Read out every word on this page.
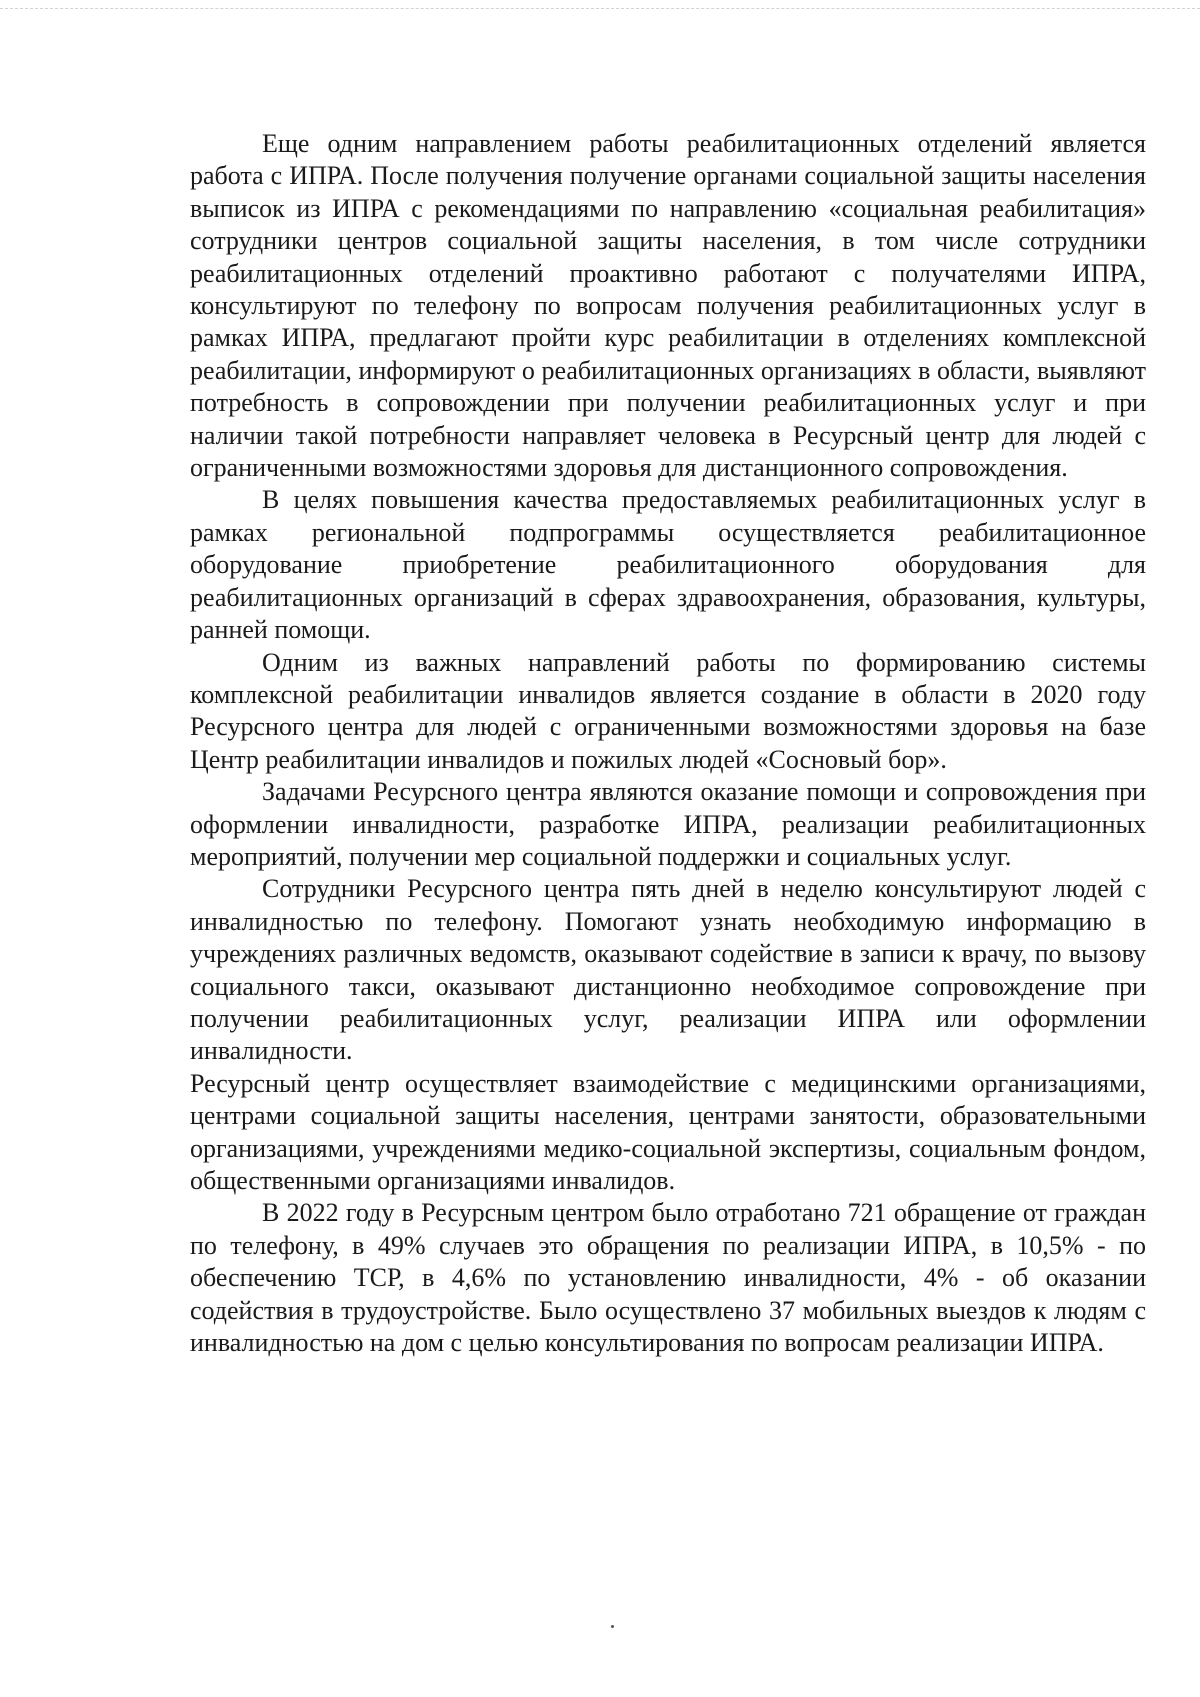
Еще одним направлением работы реабилитационных отделений является работа с ИПРА. После получения получение органами социальной защиты населения выписок из ИПРА с рекомендациями по направлению «социальная реабилитация» сотрудники центров социальной защиты населения, в том числе сотрудники реабилитационных отделений проактивно работают с получателями ИПРА, консультируют по телефону по вопросам получения реабилитационных услуг в рамках ИПРА, предлагают пройти курс реабилитации в отделениях комплексной реабилитации, информируют о реабилитационных организациях в области, выявляют потребность в сопровождении при получении реабилитационных услуг и при наличии такой потребности направляет человека в Ресурсный центр для людей с ограниченными возможностями здоровья для дистанционного сопровождения.

В целях повышения качества предоставляемых реабилитационных услуг в рамках региональной подпрограммы осуществляется реабилитационное оборудование приобретение реабилитационного оборудования для реабилитационных организаций в сферах здравоохранения, образования, культуры, ранней помощи.

Одним из важных направлений работы по формированию системы комплексной реабилитации инвалидов является создание в области в 2020 году Ресурсного центра для людей с ограниченными возможностями здоровья на базе Центр реабилитации инвалидов и пожилых людей «Сосновый бор».

Задачами Ресурсного центра являются оказание помощи и сопровождения при оформлении инвалидности, разработке ИПРА, реализации реабилитационных мероприятий, получении мер социальной поддержки и социальных услуг.

Сотрудники Ресурсного центра пять дней в неделю консультируют людей с инвалидностью по телефону. Помогают узнать необходимую информацию в учреждениях различных ведомств, оказывают содействие в записи к врачу, по вызову социального такси, оказывают дистанционно необходимое сопровождение при получении реабилитационных услуг, реализации ИПРА или оформлении инвалидности.

Ресурсный центр осуществляет взаимодействие с медицинскими организациями, центрами социальной защиты населения, центрами занятости, образовательными организациями, учреждениями медико-социальной экспертизы, социальным фондом, общественными организациями инвалидов.

В 2022 году в Ресурсным центром было отработано 721 обращение от граждан по телефону, в 49% случаев это обращения по реализации ИПРА, в 10,5% - по обеспечению ТСР, в 4,6% по установлению инвалидности, 4% - об оказании содействия в трудоустройстве. Было осуществлено 37 мобильных выездов к людям с инвалидностью на дом с целью консультирования по вопросам реализации ИПРА.
